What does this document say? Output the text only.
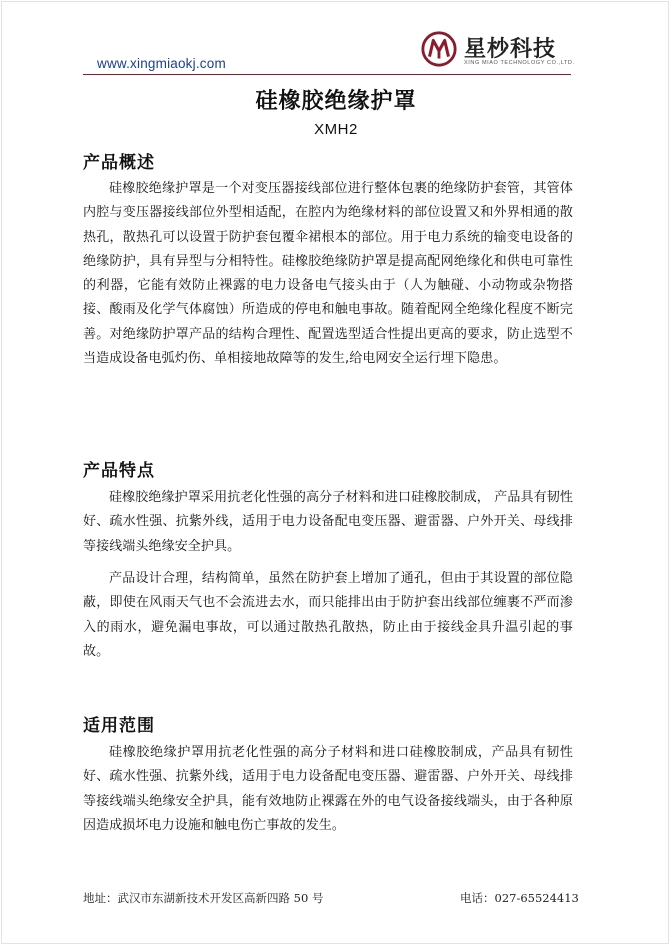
www.xingmiaokj.com
星杪科技
XING MIAO TECHNOLOGY CO.,LTD.
硅橡胶绝缘护罩
XMH2
产品概述

硅橡胶绝缘护罩是一个对变压器接线部位进行整体包裹的绝缘防护套管，其管体内腔与变压器接线部位外型相适配，在腔内为绝缘材料的部位设置又和外界相通的散热孔，散热孔可以设置于防护套包覆伞裙根本的部位。用于电力系统的输变电设备的绝缘防护，具有异型与分相特性。硅橡胶绝缘防护罩是提高配网绝缘化和供电可靠性的利器，它能有效防止裸露的电力设备电气接头由于（人为触碰、小动物或杂物搭接、酸雨及化学气体腐蚀）所造成的停电和触电事故。随着配网全绝缘化程度不断完善。对绝缘防护罩产品的结构合理性、配置选型适合性提出更高的要求，防止选型不当造成设备电弧灼伤、单相接地故障等的发生,给电网安全运行埋下隐患。

产品特点

硅橡胶绝缘护罩采用抗老化性强的高分子材料和进口硅橡胶制成， 产品具有韧性好、疏水性强、抗紫外线，适用于电力设备配电变压器、避雷器、户外开关、母线排等接线端头绝缘安全护具。

产品设计合理，结构简单，虽然在防护套上增加了通孔，但由于其设置的部位隐蔽，即使在风雨天气也不会流进去水，而只能排出由于防护套出线部位缠裹不严而渗入的雨水，避免漏电事故，可以通过散热孔散热，防止由于接线金具升温引起的事故。

适用范围

硅橡胶绝缘护罩用抗老化性强的高分子材料和进口硅橡胶制成，产品具有韧性好、疏水性强、抗紫外线，适用于电力设备配电变压器、避雷器、户外开关、母线排等接线端头绝缘安全护具，能有效地防止裸露在外的电气设备接线端头，由于各种原因造成损坏电力设施和触电伤亡事故的发生。

地址：武汉市东湖新技术开发区高新四路 50 号	电话：027-65524413
